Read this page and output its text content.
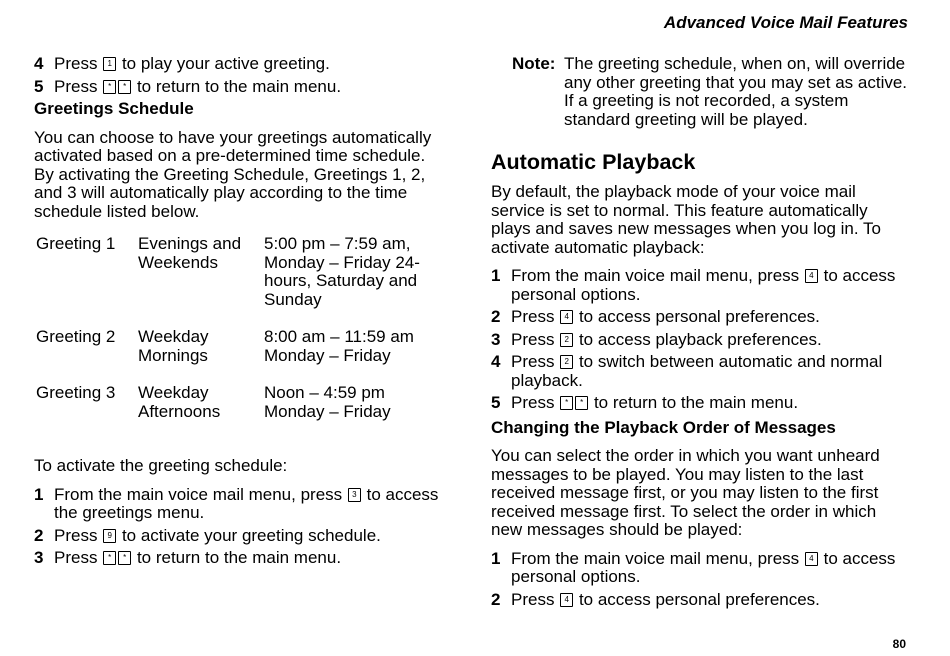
Advanced Voice Mail Features
4 Press 1 to play your active greeting.
5 Press * * to return to the main menu.
Greetings Schedule

You can choose to have your greetings automatically activated based on a pre-determined time schedule. By activating the Greeting Schedule, Greetings 1, 2, and 3 will automatically play according to the time schedule listed below.

Greeting 1	Evenings and Weekends	5:00 pm – 7:59 am, Monday – Friday 24-hours, Saturday and Sunday
Greeting 2	Weekday Mornings	8:00 am – 11:59 am Monday – Friday
Greeting 3	Weekday Afternoons	Noon – 4:59 pm Monday – Friday

To activate the greeting schedule:

1 From the main voice mail menu, press 3 to access the greetings menu.
2 Press 9 to activate your greeting schedule.
3 Press * * to return to the main menu.
Note: The greeting schedule, when on, will override any other greeting that you may set as active. If a greeting is not recorded, a system standard greeting will be played.
Automatic Playback

By default, the playback mode of your voice mail service is set to normal. This feature automatically plays and saves new messages when you log in. To activate automatic playback:

1 From the main voice mail menu, press 4 to access personal options.
2 Press 4 to access personal preferences.
3 Press 2 to access playback preferences.
4 Press 2 to switch between automatic and normal playback.
5 Press * * to return to the main menu.
Changing the Playback Order of Messages

You can select the order in which you want unheard messages to be played. You may listen to the last received message first, or you may listen to the first received message first. To select the order in which new messages should be played:

1 From the main voice mail menu, press 4 to access personal options.
2 Press 4 to access personal preferences.
80
